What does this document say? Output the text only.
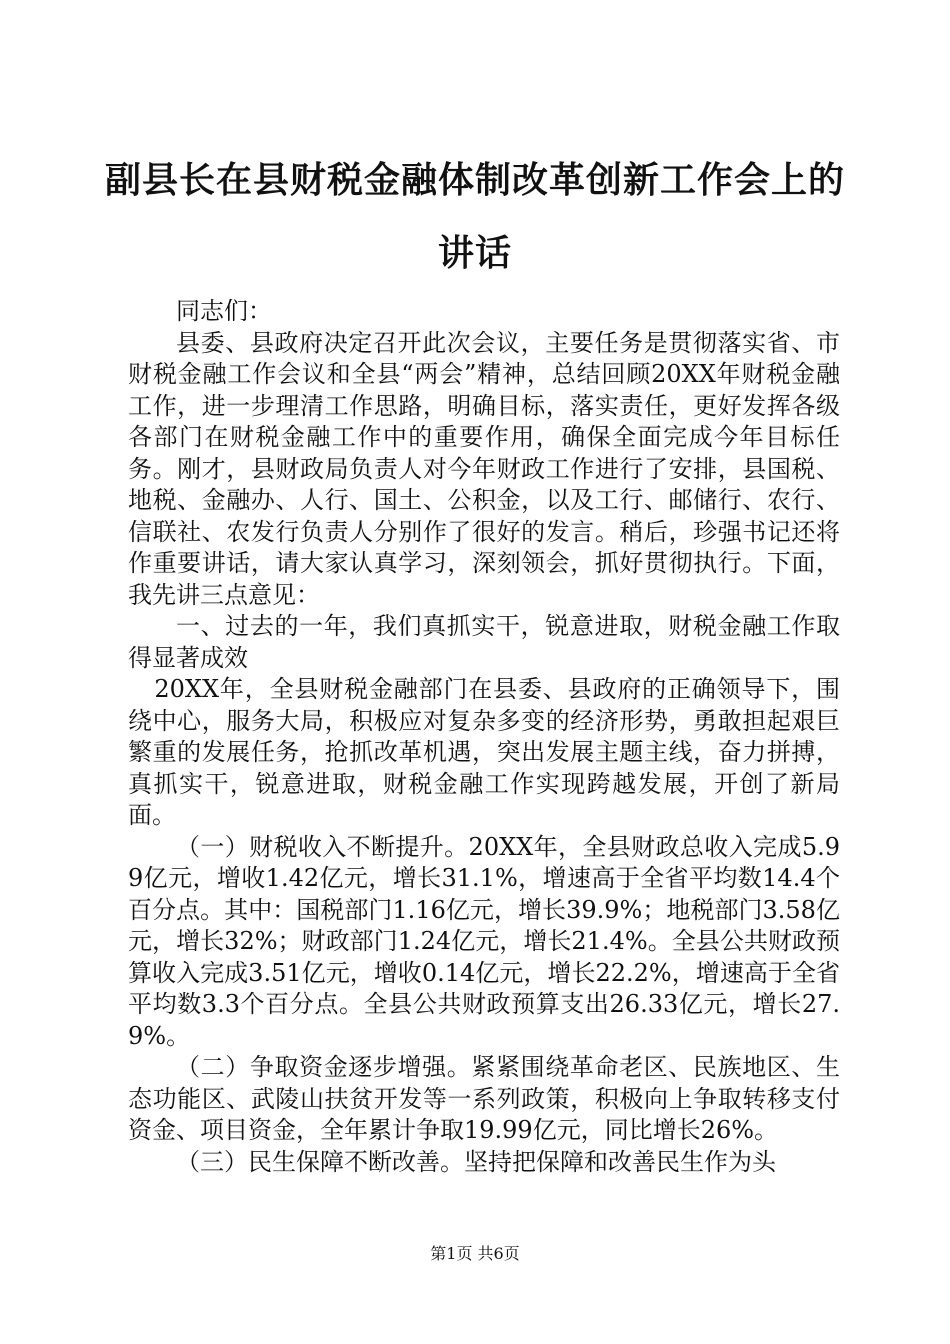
副县长在县财税金融体制改革创新工作会上的
讲话

同志们：

县委、县政府决定召开此次会议，主要任务是贯彻落实省、市财税金融工作会议和全县“两会”精神，总结回顾20XX年财税金融工作，进一步理清工作思路，明确目标，落实责任，更好发挥各级各部门在财税金融工作中的重要作用，确保全面完成今年目标任务。刚才，县财政局负责人对今年财政工作进行了安排，县国税、地税、金融办、人行、国土、公积金，以及工行、邮储行、农行、信联社、农发行负责人分别作了很好的发言。稍后，珍强书记还将作重要讲话，请大家认真学习，深刻领会，抓好贯彻执行。下面，我先讲三点意见：

一、过去的一年，我们真抓实干，锐意进取，财税金融工作取得显著成效

20XX年，全县财税金融部门在县委、县政府的正确领导下，围绕中心，服务大局，积极应对复杂多变的经济形势，勇敢担起艰巨繁重的发展任务，抢抓改革机遇，突出发展主题主线，奋力拼搏，真抓实干，锐意进取，财税金融工作实现跨越发展，开创了新局面。

（一）财税收入不断提升。20XX年，全县财政总收入完成5.99亿元，增收1.42亿元，增长31.1%，增速高于全省平均数14.4个百分点。其中：国税部门1.16亿元，增长39.9%；地税部门3.58亿元，增长32%；财政部门1.24亿元，增长21.4%。全县公共财政预算收入完成3.51亿元，增收0.14亿元，增长22.2%，增速高于全省平均数3.3个百分点。全县公共财政预算支出26.33亿元，增长27.9%。

（二）争取资金逐步增强。紧紧围绕革命老区、民族地区、生态功能区、武陵山扶贫开发等一系列政策，积极向上争取转移支付资金、项目资金，全年累计争取19.99亿元，同比增长26%。

（三）民生保障不断改善。坚持把保障和改善民生作为头

第1页 共6页
